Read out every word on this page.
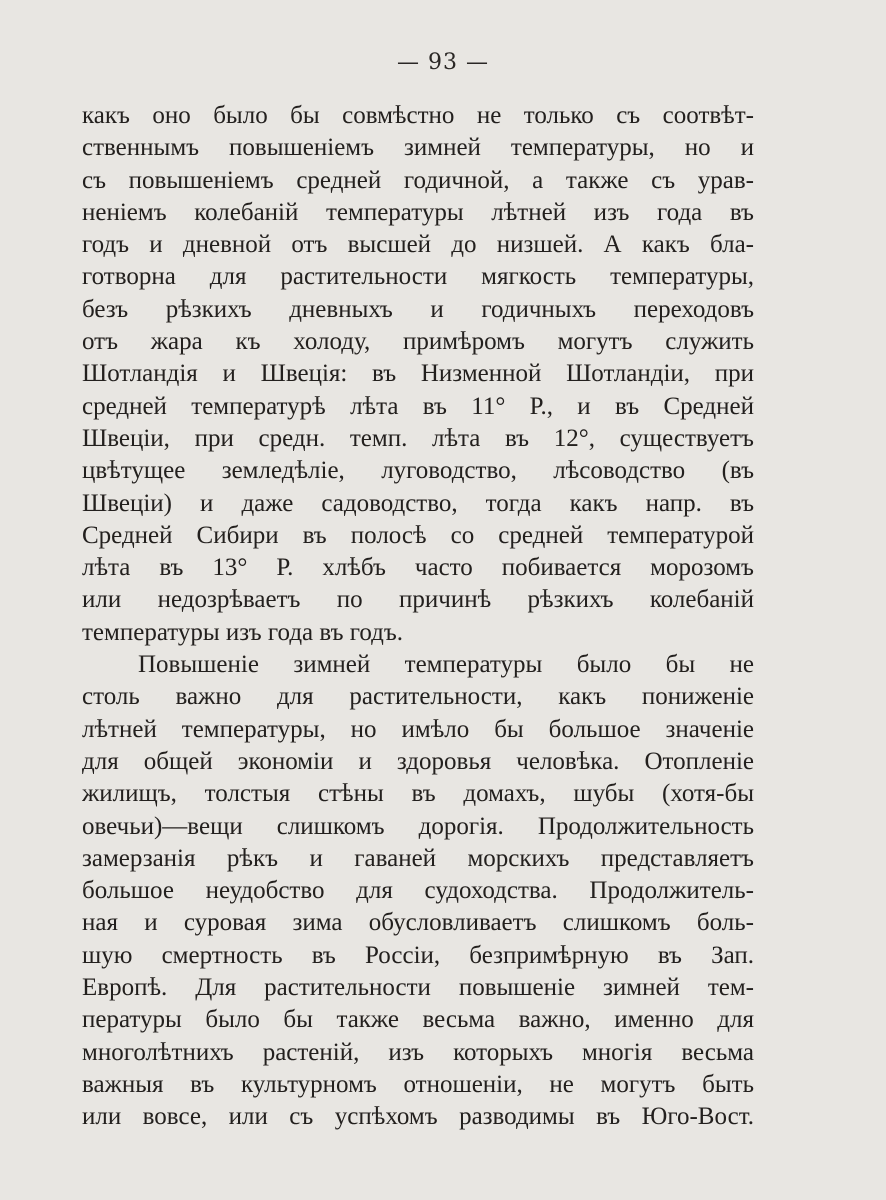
— 93 —
какъ оно было бы совмѣстно не только съ соотвѣт-
ственнымъ повышеніемъ зимней температуры, но и
съ повышеніемъ средней годичной, а также съ урав-
неніемъ колебаній температуры лѣтней изъ года въ
годъ и дневной отъ высшей до низшей. А какъ бла-
готворна для растительности мягкость температуры,
безъ рѣзкихъ дневныхъ и годичныхъ переходовъ
отъ жара къ холоду, примѣромъ могутъ служить
Шотландія и Швеція: въ Низменной Шотландіи, при
средней температурѣ лѣта въ 11° Р., и въ Средней
Швеціи, при средн. темп. лѣта въ 12°, существуетъ
цвѣтущее земледѣліе, луговодство, лѣсоводство (въ
Швеціи) и даже садоводство, тогда какъ напр. въ
Средней Сибири въ полосѣ со средней температурой
лѣта въ 13° Р. хлѣбъ часто побивается морозомъ
или недозрѣваетъ по причинѣ рѣзкихъ колебаній
температуры изъ года въ годъ.
Повышеніе зимней температуры было бы не
столь важно для растительности, какъ пониженіе
лѣтней температуры, но имѣло бы большое значеніе
для общей экономіи и здоровья человѣка. Отопленіе
жилищъ, толстыя стѣны въ домахъ, шубы (хотя-бы
овечьи)—вещи слишкомъ дорогія. Продолжительность
замерзанія рѣкъ и гаваней морскихъ представляетъ
большое неудобство для судоходства. Продолжитель-
ная и суровая зима обусловливаетъ слишкомъ боль-
шую смертность въ Россіи, безпримѣрную въ Зап.
Европѣ. Для растительности повышеніе зимней тем-
пературы было бы также весьма важно, именно для
многолѣтнихъ растеній, изъ которыхъ многія весьма
важныя въ культурномъ отношеніи, не могутъ быть
или вовсе, или съ успѣхомъ разводимы въ Юго-Вост.
